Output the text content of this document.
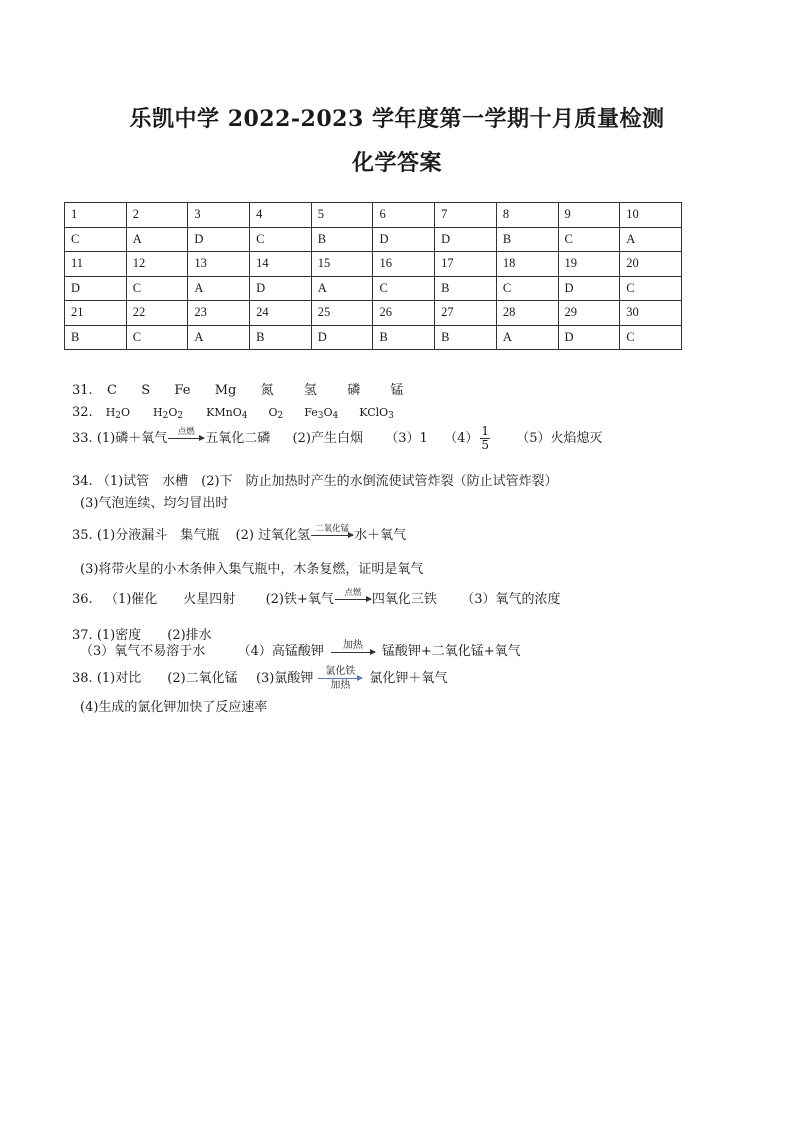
乐凯中学 2022-2023 学年度第一学期十月质量检测
化学答案
1	2	3	4	5	6	7	8	9	10
C	A	D	C	B	D	D	B	C	A
11	12	13	14	15	16	17	18	19	20
D	C	A	D	A	C	B	C	D	C
21	22	23	24	25	26	27	28	29	30
B	C	A	B	D	B	B	A	D	C
31. C S Fe Mg 氮 氢 磷 锰
32. $H_2O$ $H_2O_2$ KMnO$_4$ $O_2$ $Fe_3O_4$ KClO$_3$
33. (1)磷＋氧气	点燃
五氧化二磷 (2)产生白烟 （3）1 $(4) \frac{1}{5} (5)$火焰熄灭
34. （1)试管　水槽　(2)下　防止加热时产生的水倒流使试管炸裂（防止试管炸裂）
(3)气泡连续、均匀冒出时
35. (1)分液漏斗　集气瓶 (2) 过氧化氢 二氧化锰
水＋氧气
(3)将带火星的小木条伸入集气瓶中，木条复燃，证明是氧气
36. （1)催化　　火星四射 (2)铁+氧气	点燃
四氧化三铁 （3）氧气的浓度
37. (1)密度　　(2)排水
（3）氧气不易溶于水 （4）高锰酸钾	加热
	锰酸钾+二氧化锰+氧气
38. (1)对比　　(2)二氧化锰 (3)氯酸钾	氯化铁
加热	氯化钾＋氧气
(4)生成的氯化钾加快了反应速率
